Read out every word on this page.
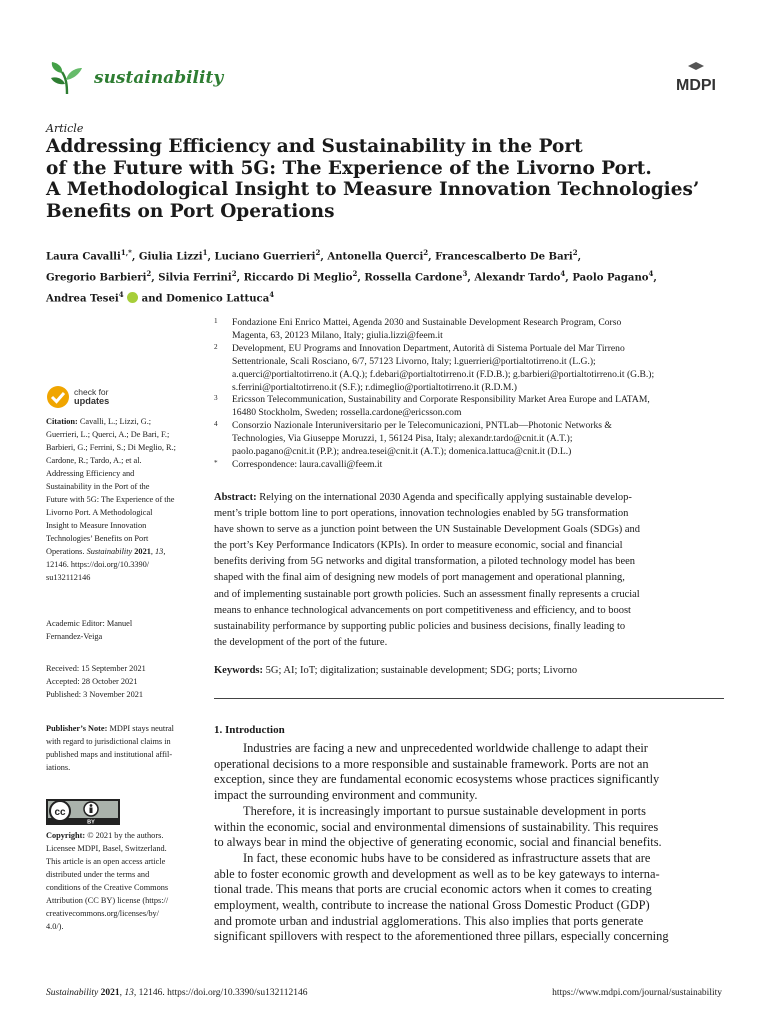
sustainability	MDPI
Article
Addressing Efficiency and Sustainability in the Port
of the Future with 5G: The Experience of the Livorno Port.
A Methodological Insight to Measure Innovation Technologies’
Benefits on Port Operations
Laura Cavalli$^{1,*}$, Giulia Lizzi$^1$, Luciano Guerrieri$^2$, Antonella Querci$^2$, Francescalberto De Bari$^2$,
Gregorio Barbieri$^2$, Silvia Ferrini$^2$, Riccardo Di Meglio$^2$, Rossella Cardone$^3$, Alexandr Tardo$^4$, Paolo Pagano$^4$,
Andrea Tesei$^4$  and Domenico Lattuca$^4$
1 Fondazione Eni Enrico Mattei, Agenda 2030 and Sustainable Development Research Program, Corso
Magenta, 63, 20123 Milano, Italy; giulia.lizzi@feem.it
2 Development, EU Programs and Innovation Department, Autorità di Sistema Portuale del Mar Tirreno
Settentrionale, Scali Rosciano, 6/7, 57123 Livorno, Italy; l.guerrieri@portialtotirreno.it (L.G.);
a.querci@portialtotirreno.it (A.Q.); f.debari@portialtotirreno.it (F.D.B.); g.barbieri@portialtotirreno.it (G.B.);
s.ferrini@portialtotirreno.it (S.F.); r.dimeglio@portialtotirreno.it (R.D.M.)
3 Ericsson Telecommunication, Sustainability and Corporate Responsibility Market Area Europe and LATAM,
16480 Stockholm, Sweden; rossella.cardone@ericsson.com
4 Consorzio Nazionale Interuniversitario per le Telecomunicazioni, PNTLab—Photonic Networks &
Technologies, Via Giuseppe Moruzzi, 1, 56124 Pisa, Italy; alexandr.tardo@cnit.it (A.T.);
paolo.pagano@cnit.it (P.P.); andrea.tesei@cnit.it (A.T.); domenica.lattuca@cnit.it (D.L.)
* Correspondence: laura.cavalli@feem.it
check for
updates
Citation: Cavalli, L.; Lizzi, G.;
Guerrieri, L.; Querci, A.; De Bari, F.;
Barbieri, G.; Ferrini, S.; Di Meglio, R.;
Cardone, R.; Tardo, A.; et al.
Addressing Efficiency and
Sustainability in the Port of the
Future with 5G: The Experience of the
Livorno Port. A Methodological
Insight to Measure Innovation
Technologies’ Benefits on Port
Operations. Sustainability 2021, 13,
12146. https://doi.org/10.3390/
su132112146
Academic Editor: Manuel
Fernandez-Veiga
Received: 15 September 2021
Accepted: 28 October 2021
Published: 3 November 2021
Publisher’s Note: MDPI stays neutral
with regard to jurisdictional claims in
published maps and institutional affil-
iations.
cc
BY
Copyright: © 2021 by the authors.
Licensee MDPI, Basel, Switzerland.
This article is an open access article
distributed under the terms and
conditions of the Creative Commons
Attribution (CC BY) license (https://
creativecommons.org/licenses/by/
4.0/).
Abstract: Relying on the international 2030 Agenda and specifically applying sustainable develop-
ment’s triple bottom line to port operations, innovation technologies enabled by 5G transformation
have shown to serve as a junction point between the UN Sustainable Development Goals (SDGs) and
the port’s Key Performance Indicators (KPIs). In order to measure economic, social and financial
benefits deriving from 5G networks and digital transformation, a piloted technology model has been
shaped with the final aim of designing new models of port management and operational planning,
and of implementing sustainable port growth policies. Such an assessment finally represents a crucial
means to enhance technological advancements on port competitiveness and efficiency, and to boost
sustainability performance by supporting public policies and business decisions, finally leading to
the development of the port of the future.
Keywords: 5G; AI; IoT; digitalization; sustainable development; SDG; ports; Livorno
1. Introduction
Industries are facing a new and unprecedented worldwide challenge to adapt their
operational decisions to a more responsible and sustainable framework. Ports are not an
exception, since they are fundamental economic ecosystems whose practices significantly
impact the surrounding environment and community.
Therefore, it is increasingly important to pursue sustainable development in ports
within the economic, social and environmental dimensions of sustainability. This requires
to always bear in mind the objective of generating economic, social and financial benefits.
In fact, these economic hubs have to be considered as infrastructure assets that are
able to foster economic growth and development as well as to be key gateways to interna-
tional trade. This means that ports are crucial economic actors when it comes to creating
employment, wealth, contribute to increase the national Gross Domestic Product (GDP)
and promote urban and industrial agglomerations. This also implies that ports generate
significant spillovers with respect to the aforementioned three pillars, especially concerning
Sustainability 2021, 13, 12146. https://doi.org/10.3390/su132112146	https://www.mdpi.com/journal/sustainability
